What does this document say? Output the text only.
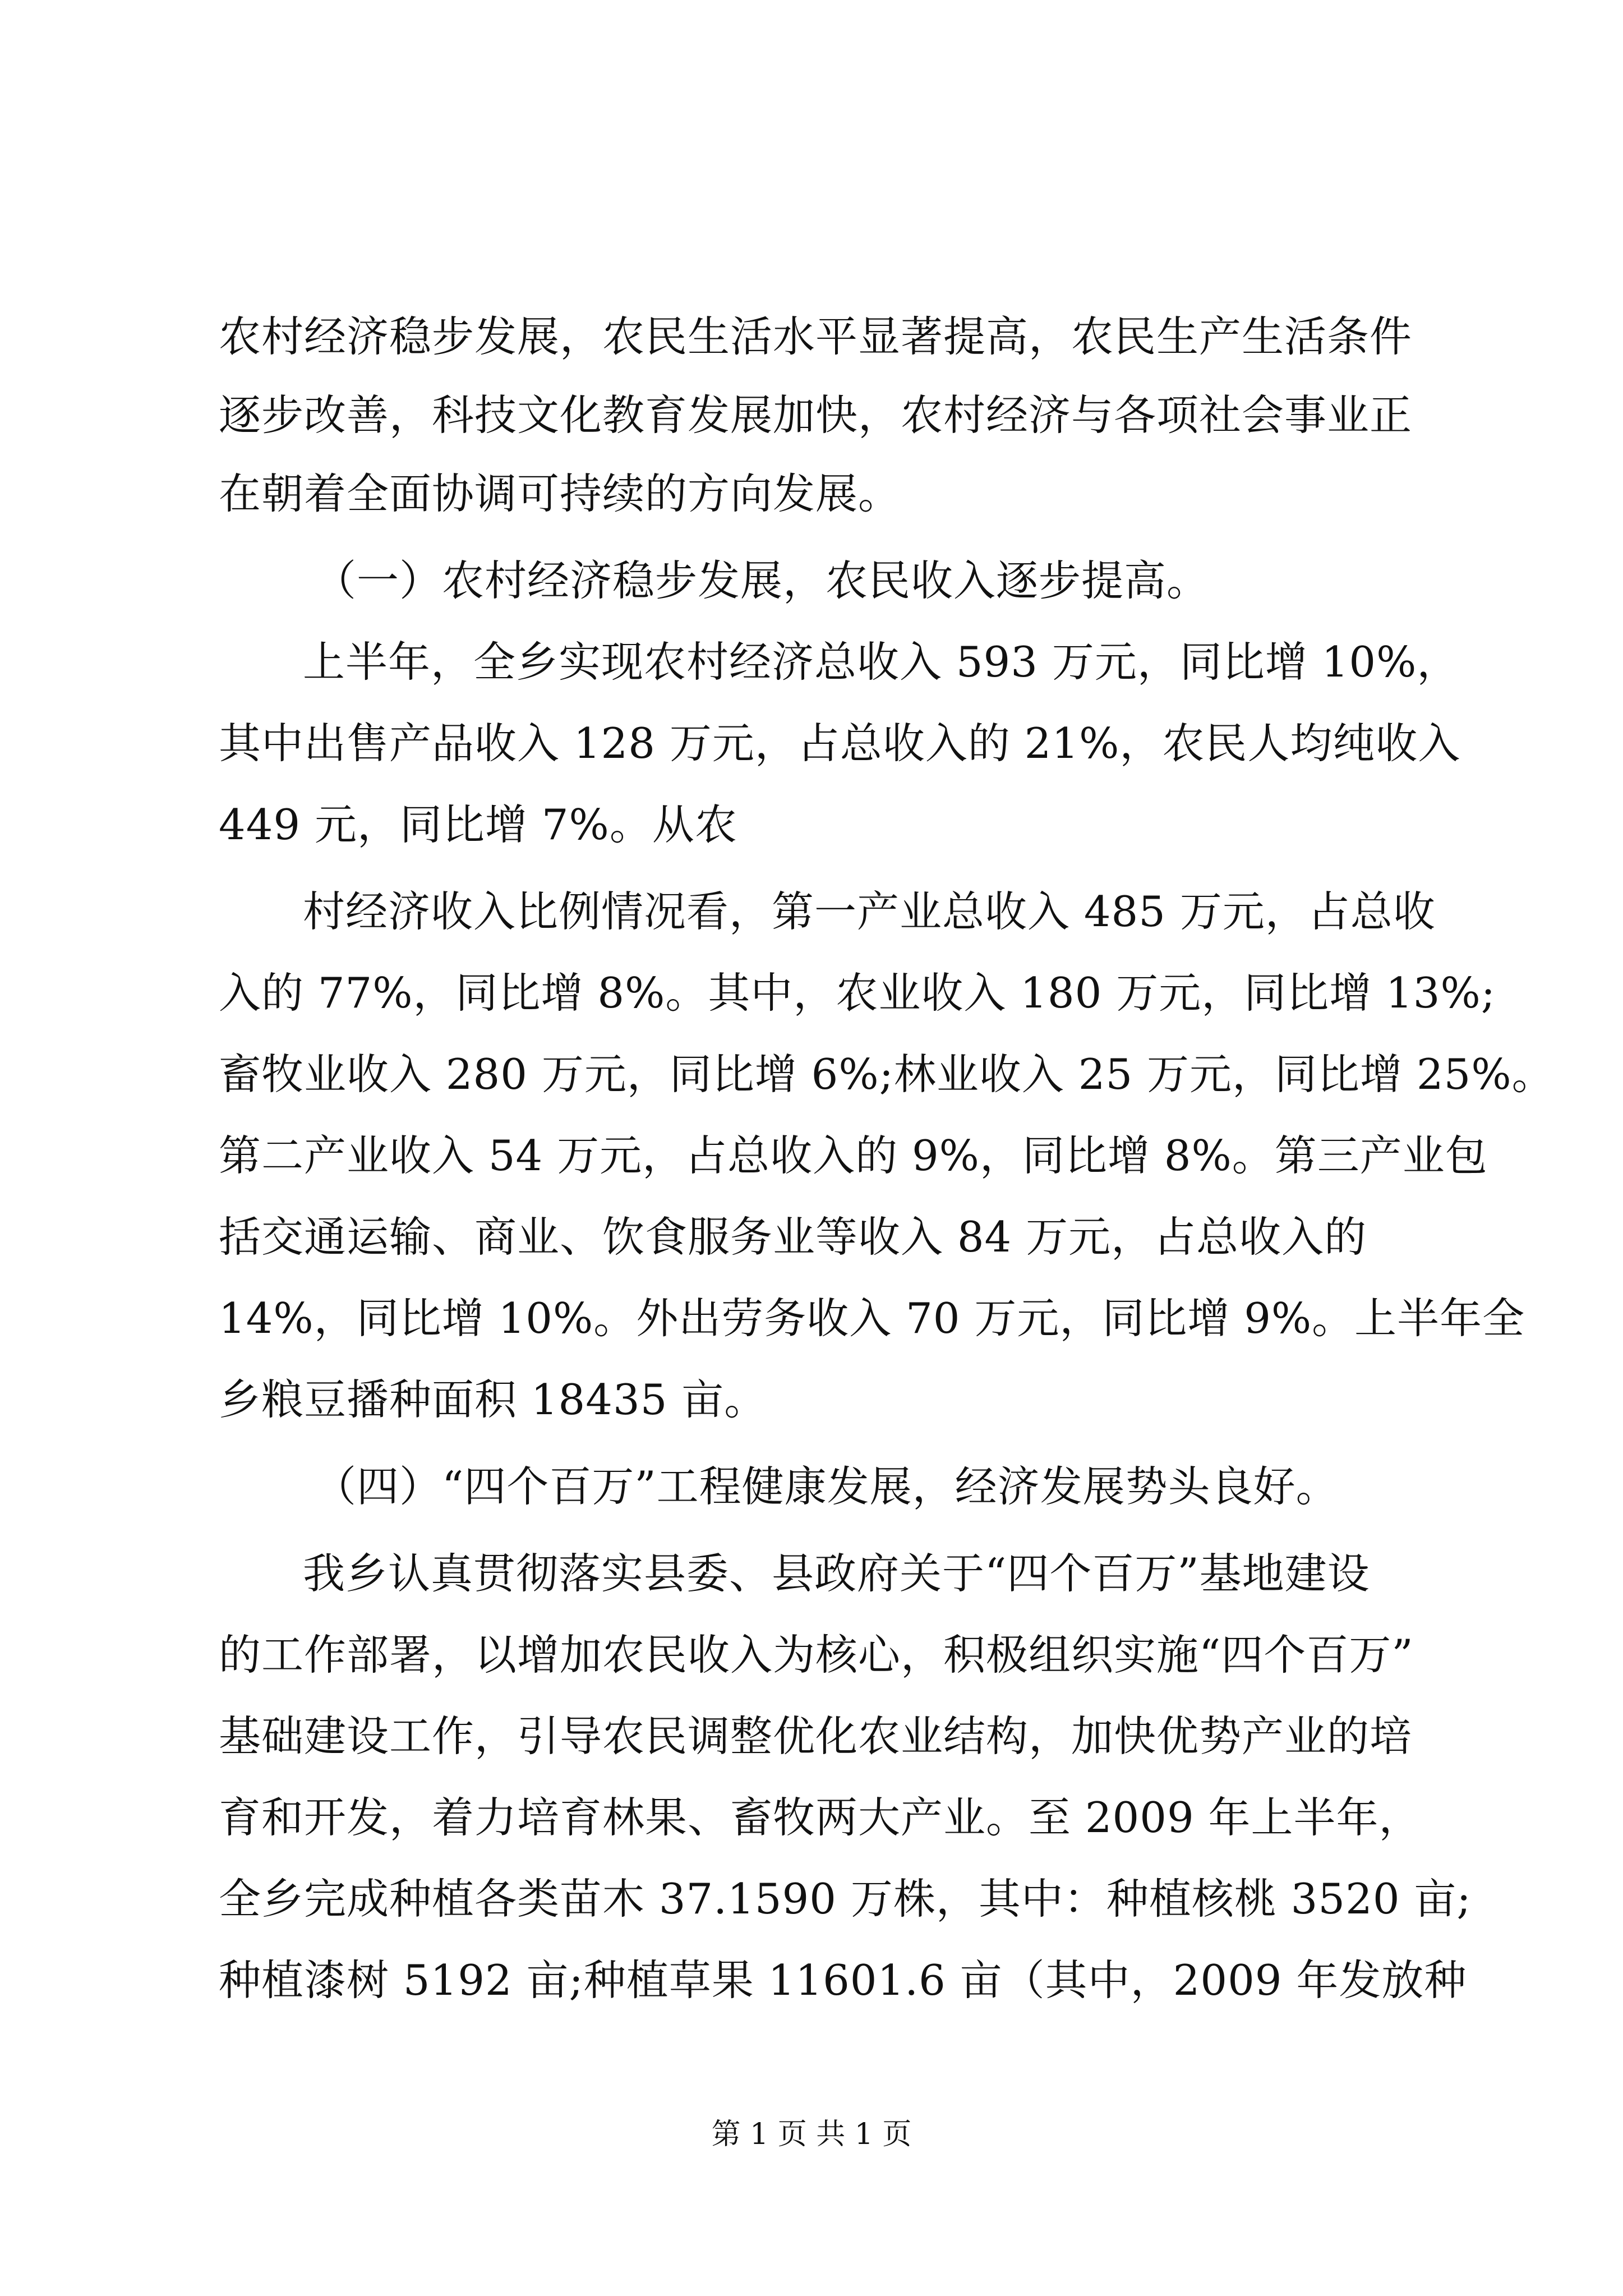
农村经济稳步发展，农民生活水平显著提高，农民生产生活条件
逐步改善，科技文化教育发展加快，农村经济与各项社会事业正
在朝着全面协调可持续的方向发展。
（一）农村经济稳步发展，农民收入逐步提高。
上半年，全乡实现农村经济总收入 593 万元，同比增 10%，
其中出售产品收入 128 万元，占总收入的 21%，农民人均纯收入
449 元，同比增 7%。从农
村经济收入比例情况看，第一产业总收入 485 万元，占总收
入的 77%，同比增 8%。其中，农业收入 180 万元，同比增 13%;
畜牧业收入 280 万元，同比增 6%;林业收入 25 万元，同比增 25%。
第二产业收入 54 万元，占总收入的 9%，同比增 8%。第三产业包
括交通运输、商业、饮食服务业等收入 84 万元，占总收入的
14%，同比增 10%。外出劳务收入 70 万元，同比增 9%。上半年全
乡粮豆播种面积 18435 亩。
（四）“四个百万”工程健康发展，经济发展势头良好。
我乡认真贯彻落实县委、县政府关于“四个百万”基地建设
的工作部署，以增加农民收入为核心，积极组织实施“四个百万”
基础建设工作，引导农民调整优化农业结构，加快优势产业的培
育和开发，着力培育林果、畜牧两大产业。至 2009 年上半年，
全乡完成种植各类苗木 37.1590 万株，其中：种植核桃 3520 亩;
种植漆树 5192 亩;种植草果 11601.6 亩（其中，2009 年发放种
第 1 页 共 1 页
